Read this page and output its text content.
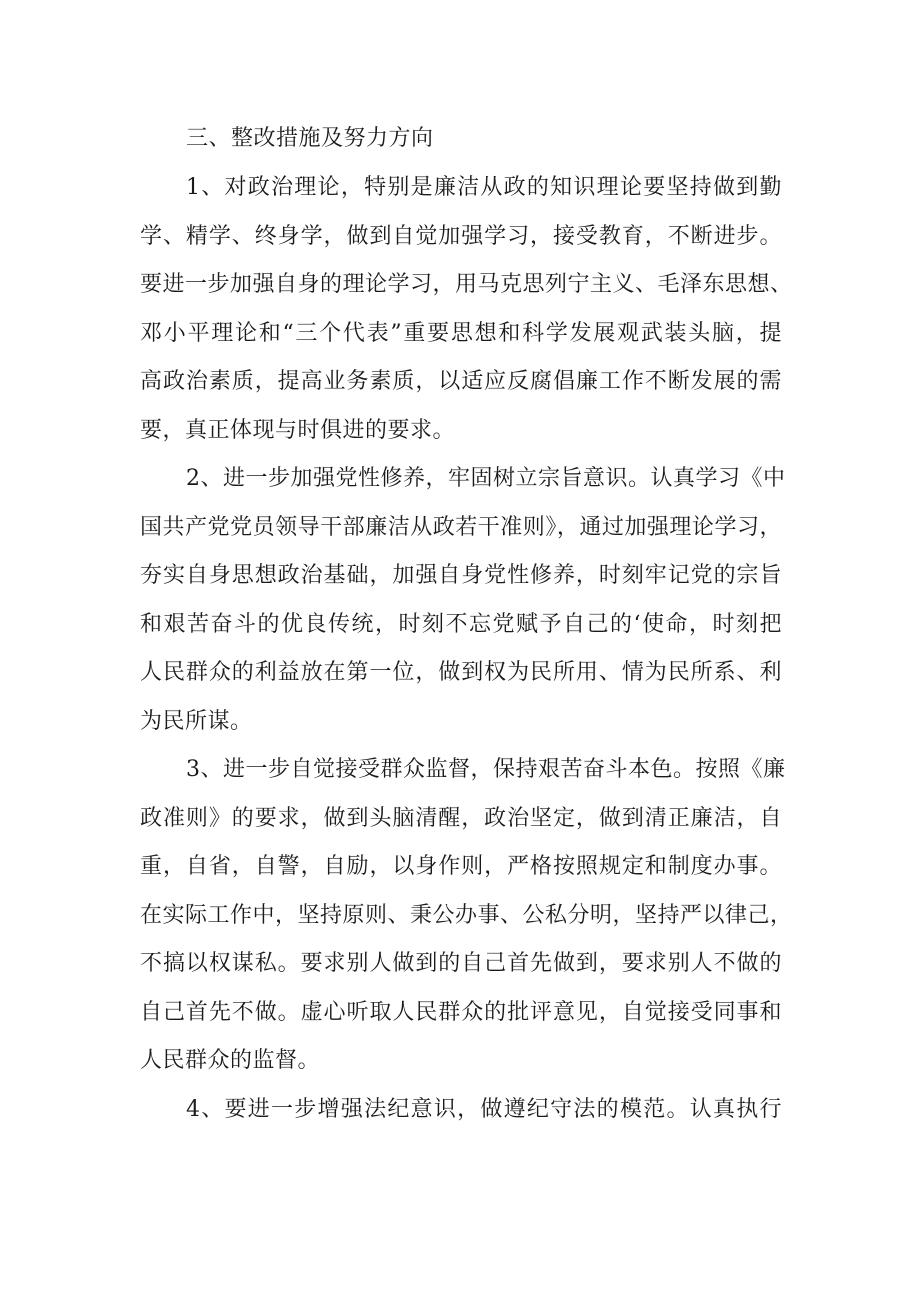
三、整改措施及努力方向
1、对政治理论，特别是廉洁从政的知识理论要坚持做到勤
学、精学、终身学，做到自觉加强学习，接受教育，不断进步。
要进一步加强自身的理论学习，用马克思列宁主义、毛泽东思想、
邓小平理论和“三个代表”重要思想和科学发展观武装头脑，提
高政治素质，提高业务素质，以适应反腐倡廉工作不断发展的需
要，真正体现与时俱进的要求。
2、进一步加强党性修养，牢固树立宗旨意识。认真学习《中
国共产党党员领导干部廉洁从政若干准则》，通过加强理论学习，
夯实自身思想政治基础，加强自身党性修养，时刻牢记党的宗旨
和艰苦奋斗的优良传统，时刻不忘党赋予自己的‘使命，时刻把
人民群众的利益放在第一位，做到权为民所用、情为民所系、利
为民所谋。
3、进一步自觉接受群众监督，保持艰苦奋斗本色。按照《廉
政准则》的要求，做到头脑清醒，政治坚定，做到清正廉洁，自
重，自省，自警，自励，以身作则，严格按照规定和制度办事。
在实际工作中，坚持原则、秉公办事、公私分明，坚持严以律己，
不搞以权谋私。要求别人做到的自己首先做到，要求别人不做的
自己首先不做。虚心听取人民群众的批评意见，自觉接受同事和
人民群众的监督。
4、要进一步增强法纪意识，做遵纪守法的模范。认真执行
